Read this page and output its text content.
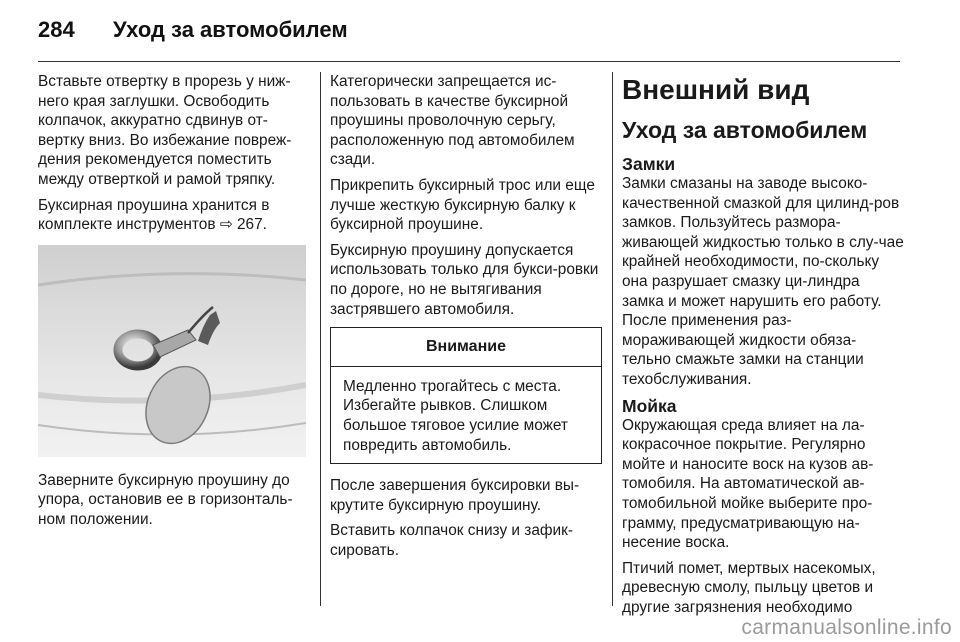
284 Уход за автомобилем

Вставьте отвертку в прорезь у ниж-него края заглушки. Освободить колпачок, аккуратно сдвинув от-вертку вниз. Во избежание повреж-дения рекомендуется поместить между отверткой и рамой тряпку.

Буксирная проушина хранится в комплекте инструментов ⇨ 267.

Заверните буксирную проушину до упора, остановив ее в горизонталь-ном положении.

Категорически запрещается ис-пользовать в качестве буксирной проушины проволочную серьгу, расположенную под автомобилем сзади.

Прикрепить буксирный трос или еще лучше жесткую буксирную балку к буксирной проушине.

Буксирную проушину допускается использовать только для букси-ровки по дороге, но не вытягивания застрявшего автомобиля.

Внимание
Медленно трогайтесь с места. Избегайте рывков. Слишком большое тяговое усилие может повредить автомобиль.

После завершения буксировки вы-крутите буксирную проушину.

Вставить колпачок снизу и зафик-сировать.

Внешний вид
Уход за автомобилем
Замки

Замки смазаны на заводе высоко-качественной смазкой для цилинд-ров замков. Пользуйтесь размора-живающей жидкостью только в слу-чае крайней необходимости, по-скольку она разрушает смазку ци-линдра замка и может нарушить его работу. После применения раз-мораживающей жидкости обяза-тельно смажьте замки на станции техобслуживания.

Мойка

Окружающая среда влияет на ла-кокрасочное покрытие. Регулярно мойте и наносите воск на кузов ав-томобиля. На автоматической ав-томобильной мойке выберите про-грамму, предусматривающую на-несение воска.

Птичий помет, мертвых насекомых, древесную смолу, пыльцу цветов и другие загрязнения необходимо

carmanualsonline.info
